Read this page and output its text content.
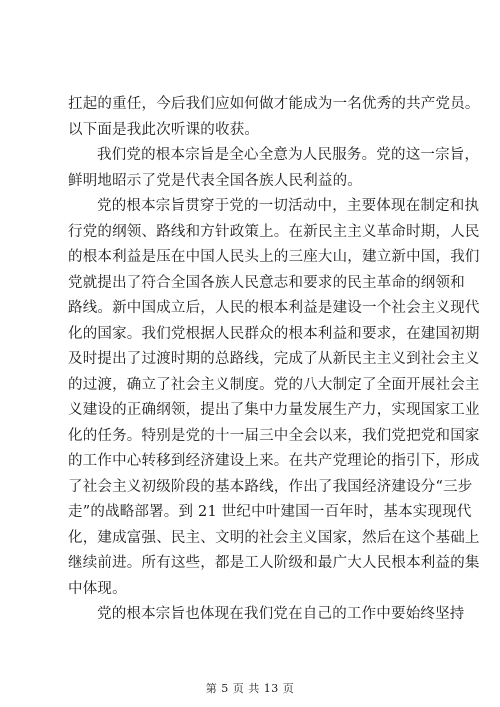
扛起的重任，今后我们应如何做才能成为一名优秀的共产党员。
以下面是我此次听课的收获。
我们党的根本宗旨是全心全意为人民服务。党的这一宗旨，
鲜明地昭示了党是代表全国各族人民利益的。
党的根本宗旨贯穿于党的一切活动中，主要体现在制定和执
行党的纲领、路线和方针政策上。在新民主主义革命时期，人民
的根本利益是压在中国人民头上的三座大山，建立新中国，我们
党就提出了符合全国各族人民意志和要求的民主革命的纲领和
路线。新中国成立后，人民的根本利益是建设一个社会主义现代
化的国家。我们党根据人民群众的根本利益和要求，在建国初期
及时提出了过渡时期的总路线，完成了从新民主主义到社会主义
的过渡，确立了社会主义制度。党的八大制定了全面开展社会主
义建设的正确纲领，提出了集中力量发展生产力，实现国家工业
化的任务。特别是党的十一届三中全会以来，我们党把党和国家
的工作中心转移到经济建设上来。在共产党理论的指引下，形成
了社会主义初级阶段的基本路线，作出了我国经济建设分“三步
走”的战略部署。到 21 世纪中叶建国一百年时，基本实现现代
化，建成富强、民主、文明的社会主义国家，然后在这个基础上
继续前进。所有这些，都是工人阶级和最广大人民根本利益的集
中体现。
党的根本宗旨也体现在我们党在自己的工作中要始终坚持
第 5 页 共 13 页
